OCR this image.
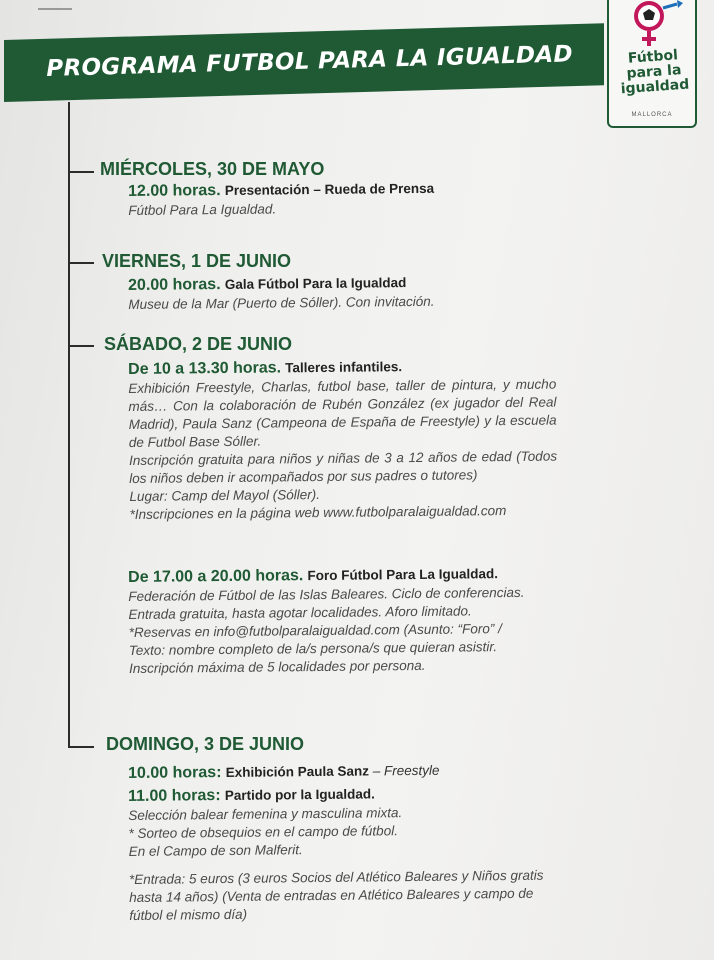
PROGRAMA FUTBOL PARA LA IGUALDAD	Fútbol
para la
igualdad
MALLORCA
MIÉRCOLES, 30 DE MAYO
12.00 horas. Presentación – Rueda de Prensa

Fútbol Para La Igualdad.

VIERNES, 1 DE JUNIO
20.00 horas. Gala Fútbol Para la Igualdad

Museu de la Mar (Puerto de Sóller). Con invitación.

SÁBADO, 2 DE JUNIO
De 10 a 13.30 horas. Talleres infantiles.

Exhibición Freestyle, Charlas, futbol base, taller de pintura, y mucho más… Con la colaboración de Rubén González (ex jugador del Real Madrid), Paula Sanz (Campeona de España de Freestyle) y la escuela de Futbol Base Sóller.

Inscripción gratuita para niños y niñas de 3 a 12 años de edad (Todos los niños deben ir acompañados por sus padres o tutores)

Lugar: Camp del Mayol (Sóller).

*Inscripciones en la página web www.futbolparalaigualdad.com

De 17.00 a 20.00 horas. Foro Fútbol Para La Igualdad.

Federación de Fútbol de las Islas Baleares. Ciclo de conferencias.

Entrada gratuita, hasta agotar localidades. Aforo limitado.

*Reservas en info@futbolparalaigualdad.com (Asunto: “Foro” /

Texto: nombre completo de la/s persona/s que quieran asistir.

Inscripción máxima de 5 localidades por persona.

DOMINGO, 3 DE JUNIO
10.00 horas: Exhibición Paula Sanz – Freestyle
11.00 horas: Partido por la Igualdad.

Selección balear femenina y masculina mixta.

* Sorteo de obsequios en el campo de fútbol.

En el Campo de son Malferit.

*Entrada: 5 euros (3 euros Socios del Atlético Baleares y Niños gratis hasta 14 años) (Venta de entradas en Atlético Baleares y campo de fútbol el mismo día)
